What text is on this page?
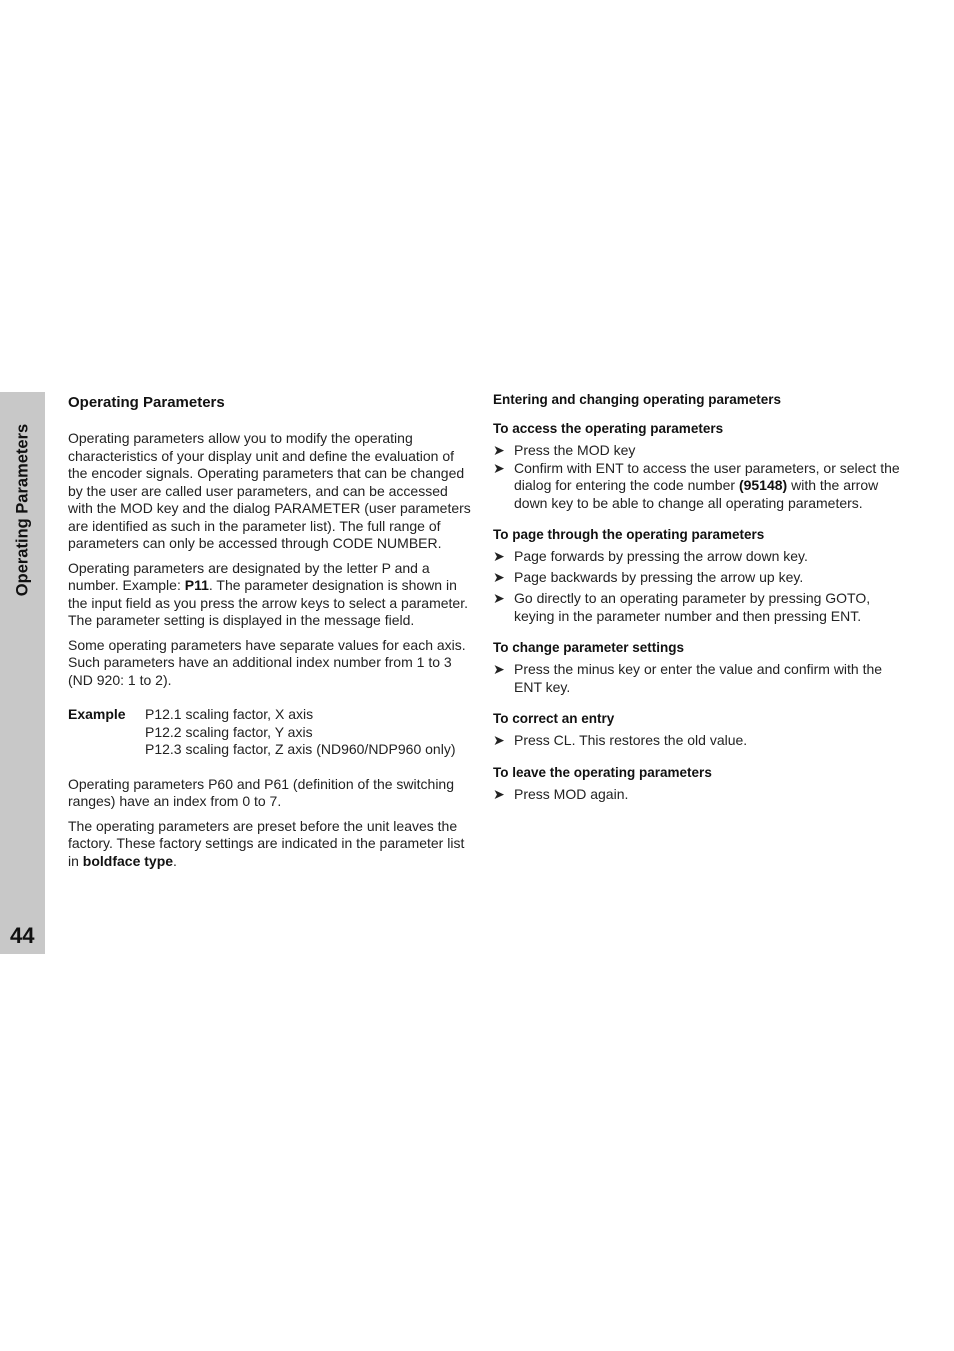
Operating Parameters
44
Operating Parameters

Operating parameters allow you to modify the operating characteristics of your display unit and define the evaluation of the encoder signals. Operating parameters that can be changed by the user are called user parameters, and can be accessed with the MOD key and the dialog PARAMETER (user parameters are identified as such in the parameter list). The full range of parameters can only be accessed through CODE NUMBER.

Operating parameters are designated by the letter P and a number. Example: P11. The parameter designation is shown in the input field as you press the arrow keys to select a parameter. The parameter setting is displayed in the message field.

Some operating parameters have separate values for each axis. Such parameters have an additional index number from 1 to 3 (ND 920: 1 to 2).

Example	P12.1 scaling factor, X axis
P12.2 scaling factor, Y axis
P12.3 scaling factor, Z axis (ND960/NDP960 only)

Operating parameters P60 and P61 (definition of the switching ranges) have an index from 0 to 7.

The operating parameters are preset before the unit leaves the factory. These factory settings are indicated in the parameter list in boldface type.

Entering and changing operating parameters
To access the operating parameters
➤ Press the MOD key
➤ Confirm with ENT to access the user parameters, or select the dialog for entering the code number (95148) with the arrow down key to be able to change all operating parameters.
To page through the operating parameters
➤ Page forwards by pressing the arrow down key.
➤ Page backwards by pressing the arrow up key.
➤ Go directly to an operating parameter by pressing GOTO, keying in the parameter number and then pressing ENT.
To change parameter settings
➤ Press the minus key or enter the value and confirm with the ENT key.
To correct an entry
➤ Press CL. This restores the old value.
To leave the operating parameters
➤ Press MOD again.
